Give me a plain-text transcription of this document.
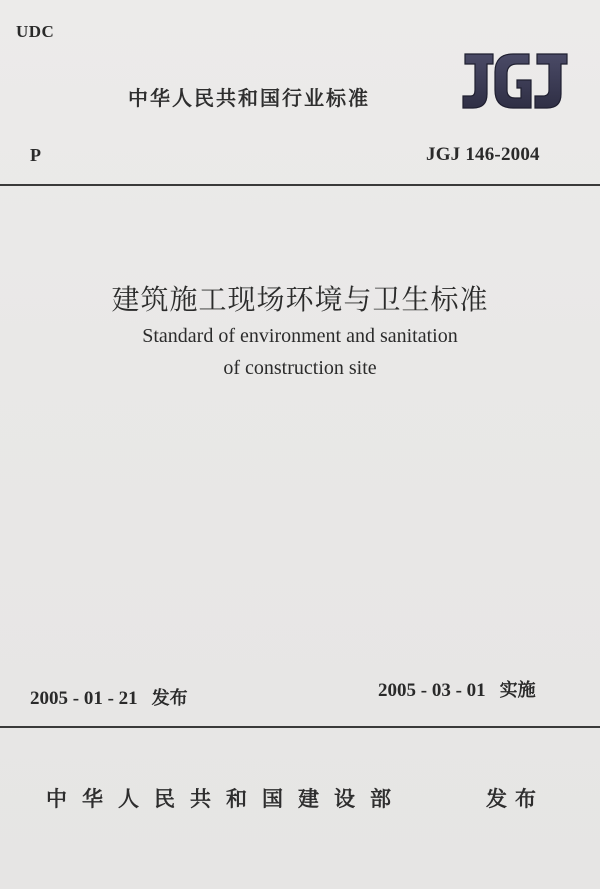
UDC
中华人民共和国行业标准
JGJ
P	JGJ 146-2004
建筑施工现场环境与卫生标准
Standard of environment and sanitation
of construction site
2005 - 01 - 21 发布	2005 - 03 - 01 实施
中华人民共和国建设部	发布
